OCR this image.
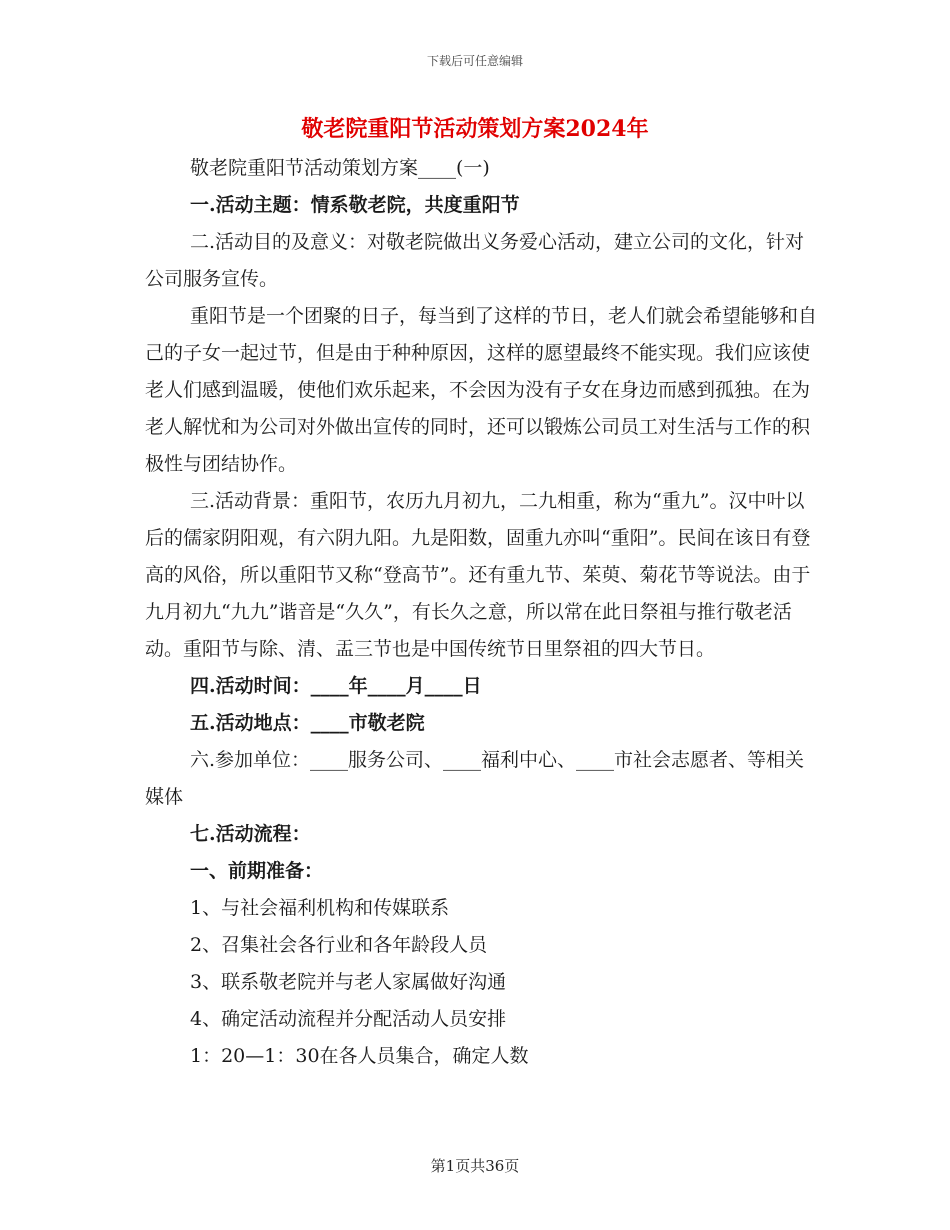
下载后可任意编辑
敬老院重阳节活动策划方案2024年

敬老院重阳节活动策划方案____(一)

一.活动主题：情系敬老院，共度重阳节

二.活动目的及意义：对敬老院做出义务爱心活动，建立公司的文化，针对公司服务宣传。

重阳节是一个团聚的日子，每当到了这样的节日，老人们就会希望能够和自己的子女一起过节，但是由于种种原因，这样的愿望最终不能实现。我们应该使老人们感到温暖，使他们欢乐起来，不会因为没有子女在身边而感到孤独。在为老人解忧和为公司对外做出宣传的同时，还可以锻炼公司员工对生活与工作的积极性与团结协作。

三.活动背景：重阳节，农历九月初九，二九相重，称为“重九”。汉中叶以后的儒家阴阳观，有六阴九阳。九是阳数，固重九亦叫“重阳”。民间在该日有登高的风俗，所以重阳节又称“登高节”。还有重九节、茱萸、菊花节等说法。由于九月初九“九九”谐音是“久久”，有长久之意，所以常在此日祭祖与推行敬老活动。重阳节与除、清、盂三节也是中国传统节日里祭祖的四大节日。

四.活动时间：____年____月____日

五.活动地点：____市敬老院

六.参加单位：____服务公司、____福利中心、____市社会志愿者、等相关媒体

七.活动流程：

一、前期准备：

1、与社会福利机构和传媒联系

2、召集社会各行业和各年龄段人员

3、联系敬老院并与老人家属做好沟通

4、确定活动流程并分配活动人员安排

1：20—1：30在各人员集合，确定人数

第1页共36页
